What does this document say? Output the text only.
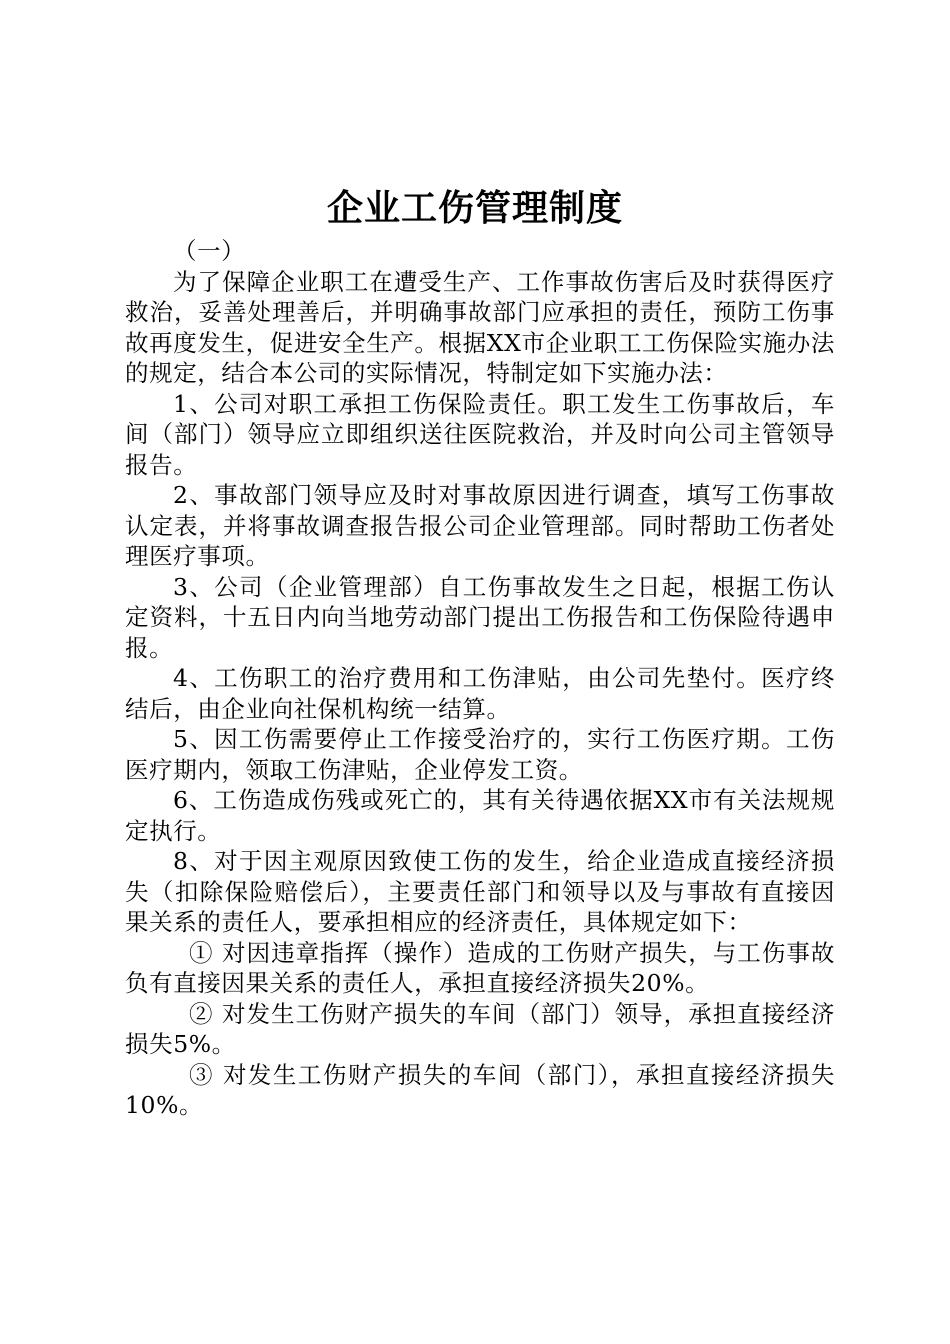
企业工伤管理制度

（一）

为了保障企业职工在遭受生产、工作事故伤害后及时获得医疗救治，妥善处理善后，并明确事故部门应承担的责任，预防工伤事故再度发生，促进安全生产。根据XX市企业职工工伤保险实施办法的规定，结合本公司的实际情况，特制定如下实施办法：

1、公司对职工承担工伤保险责任。职工发生工伤事故后，车间（部门）领导应立即组织送往医院救治，并及时向公司主管领导报告。

2、事故部门领导应及时对事故原因进行调查，填写工伤事故认定表，并将事故调查报告报公司企业管理部。同时帮助工伤者处理医疗事项。

3、公司（企业管理部）自工伤事故发生之日起，根据工伤认定资料，十五日内向当地劳动部门提出工伤报告和工伤保险待遇申报。

4、工伤职工的治疗费用和工伤津贴，由公司先垫付。医疗终结后，由企业向社保机构统一结算。

5、因工伤需要停止工作接受治疗的，实行工伤医疗期。工伤医疗期内，领取工伤津贴，企业停发工资。

6、工伤造成伤残或死亡的，其有关待遇依据XX市有关法规规定执行。

8、对于因主观原因致使工伤的发生，给企业造成直接经济损失（扣除保险赔偿后），主要责任部门和领导以及与事故有直接因果关系的责任人，要承担相应的经济责任，具体规定如下：

① 对因违章指挥（操作）造成的工伤财产损失，与工伤事故负有直接因果关系的责任人，承担直接经济损失20%。

② 对发生工伤财产损失的车间（部门）领导，承担直接经济损失5%。

③ 对发生工伤财产损失的车间（部门），承担直接经济损失10%。
